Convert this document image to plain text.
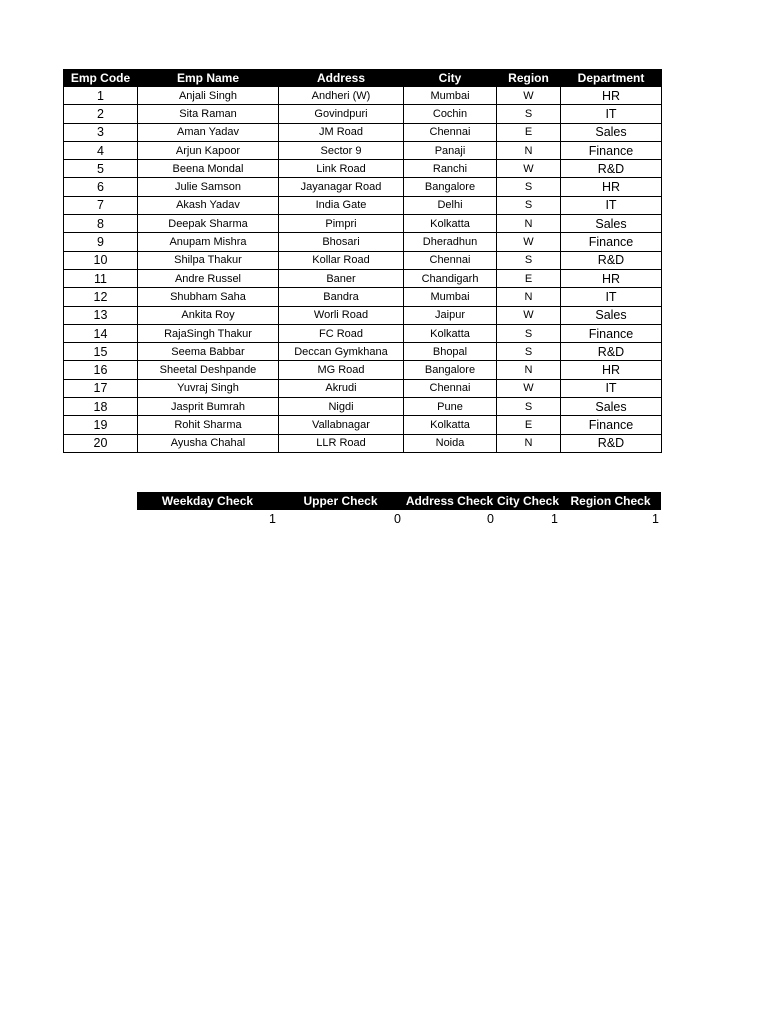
Emp Code	Emp Name	Address	City	Region	Department
1	Anjali Singh	Andheri (W)	Mumbai	W	HR
2	Sita Raman	Govindpuri	Cochin	S	IT
3	Aman Yadav	JM Road	Chennai	E	Sales
4	Arjun Kapoor	Sector 9	Panaji	N	Finance
5	Beena Mondal	Link Road	Ranchi	W	R&D
6	Julie Samson	Jayanagar Road	Bangalore	S	HR
7	Akash Yadav	India Gate	Delhi	S	IT
8	Deepak Sharma	Pimpri	Kolkatta	N	Sales
9	Anupam Mishra	Bhosari	Dheradhun	W	Finance
10	Shilpa Thakur	Kollar Road	Chennai	S	R&D
11	Andre Russel	Baner	Chandigarh	E	HR
12	Shubham Saha	Bandra	Mumbai	N	IT
13	Ankita Roy	Worli Road	Jaipur	W	Sales
14	RajaSingh Thakur	FC Road	Kolkatta	S	Finance
15	Seema Babbar	Deccan Gymkhana	Bhopal	S	R&D
16	Sheetal Deshpande	MG Road	Bangalore	N	HR
17	Yuvraj Singh	Akrudi	Chennai	W	IT
18	Jasprit Bumrah	Nigdi	Pune	S	Sales
19	Rohit Sharma	Vallabnagar	Kolkatta	E	Finance
20	Ayusha Chahal	LLR Road	Noida	N	R&D
Weekday Check	Upper Check	Address Check	City Check	Region Check
1	0	0	1	1
